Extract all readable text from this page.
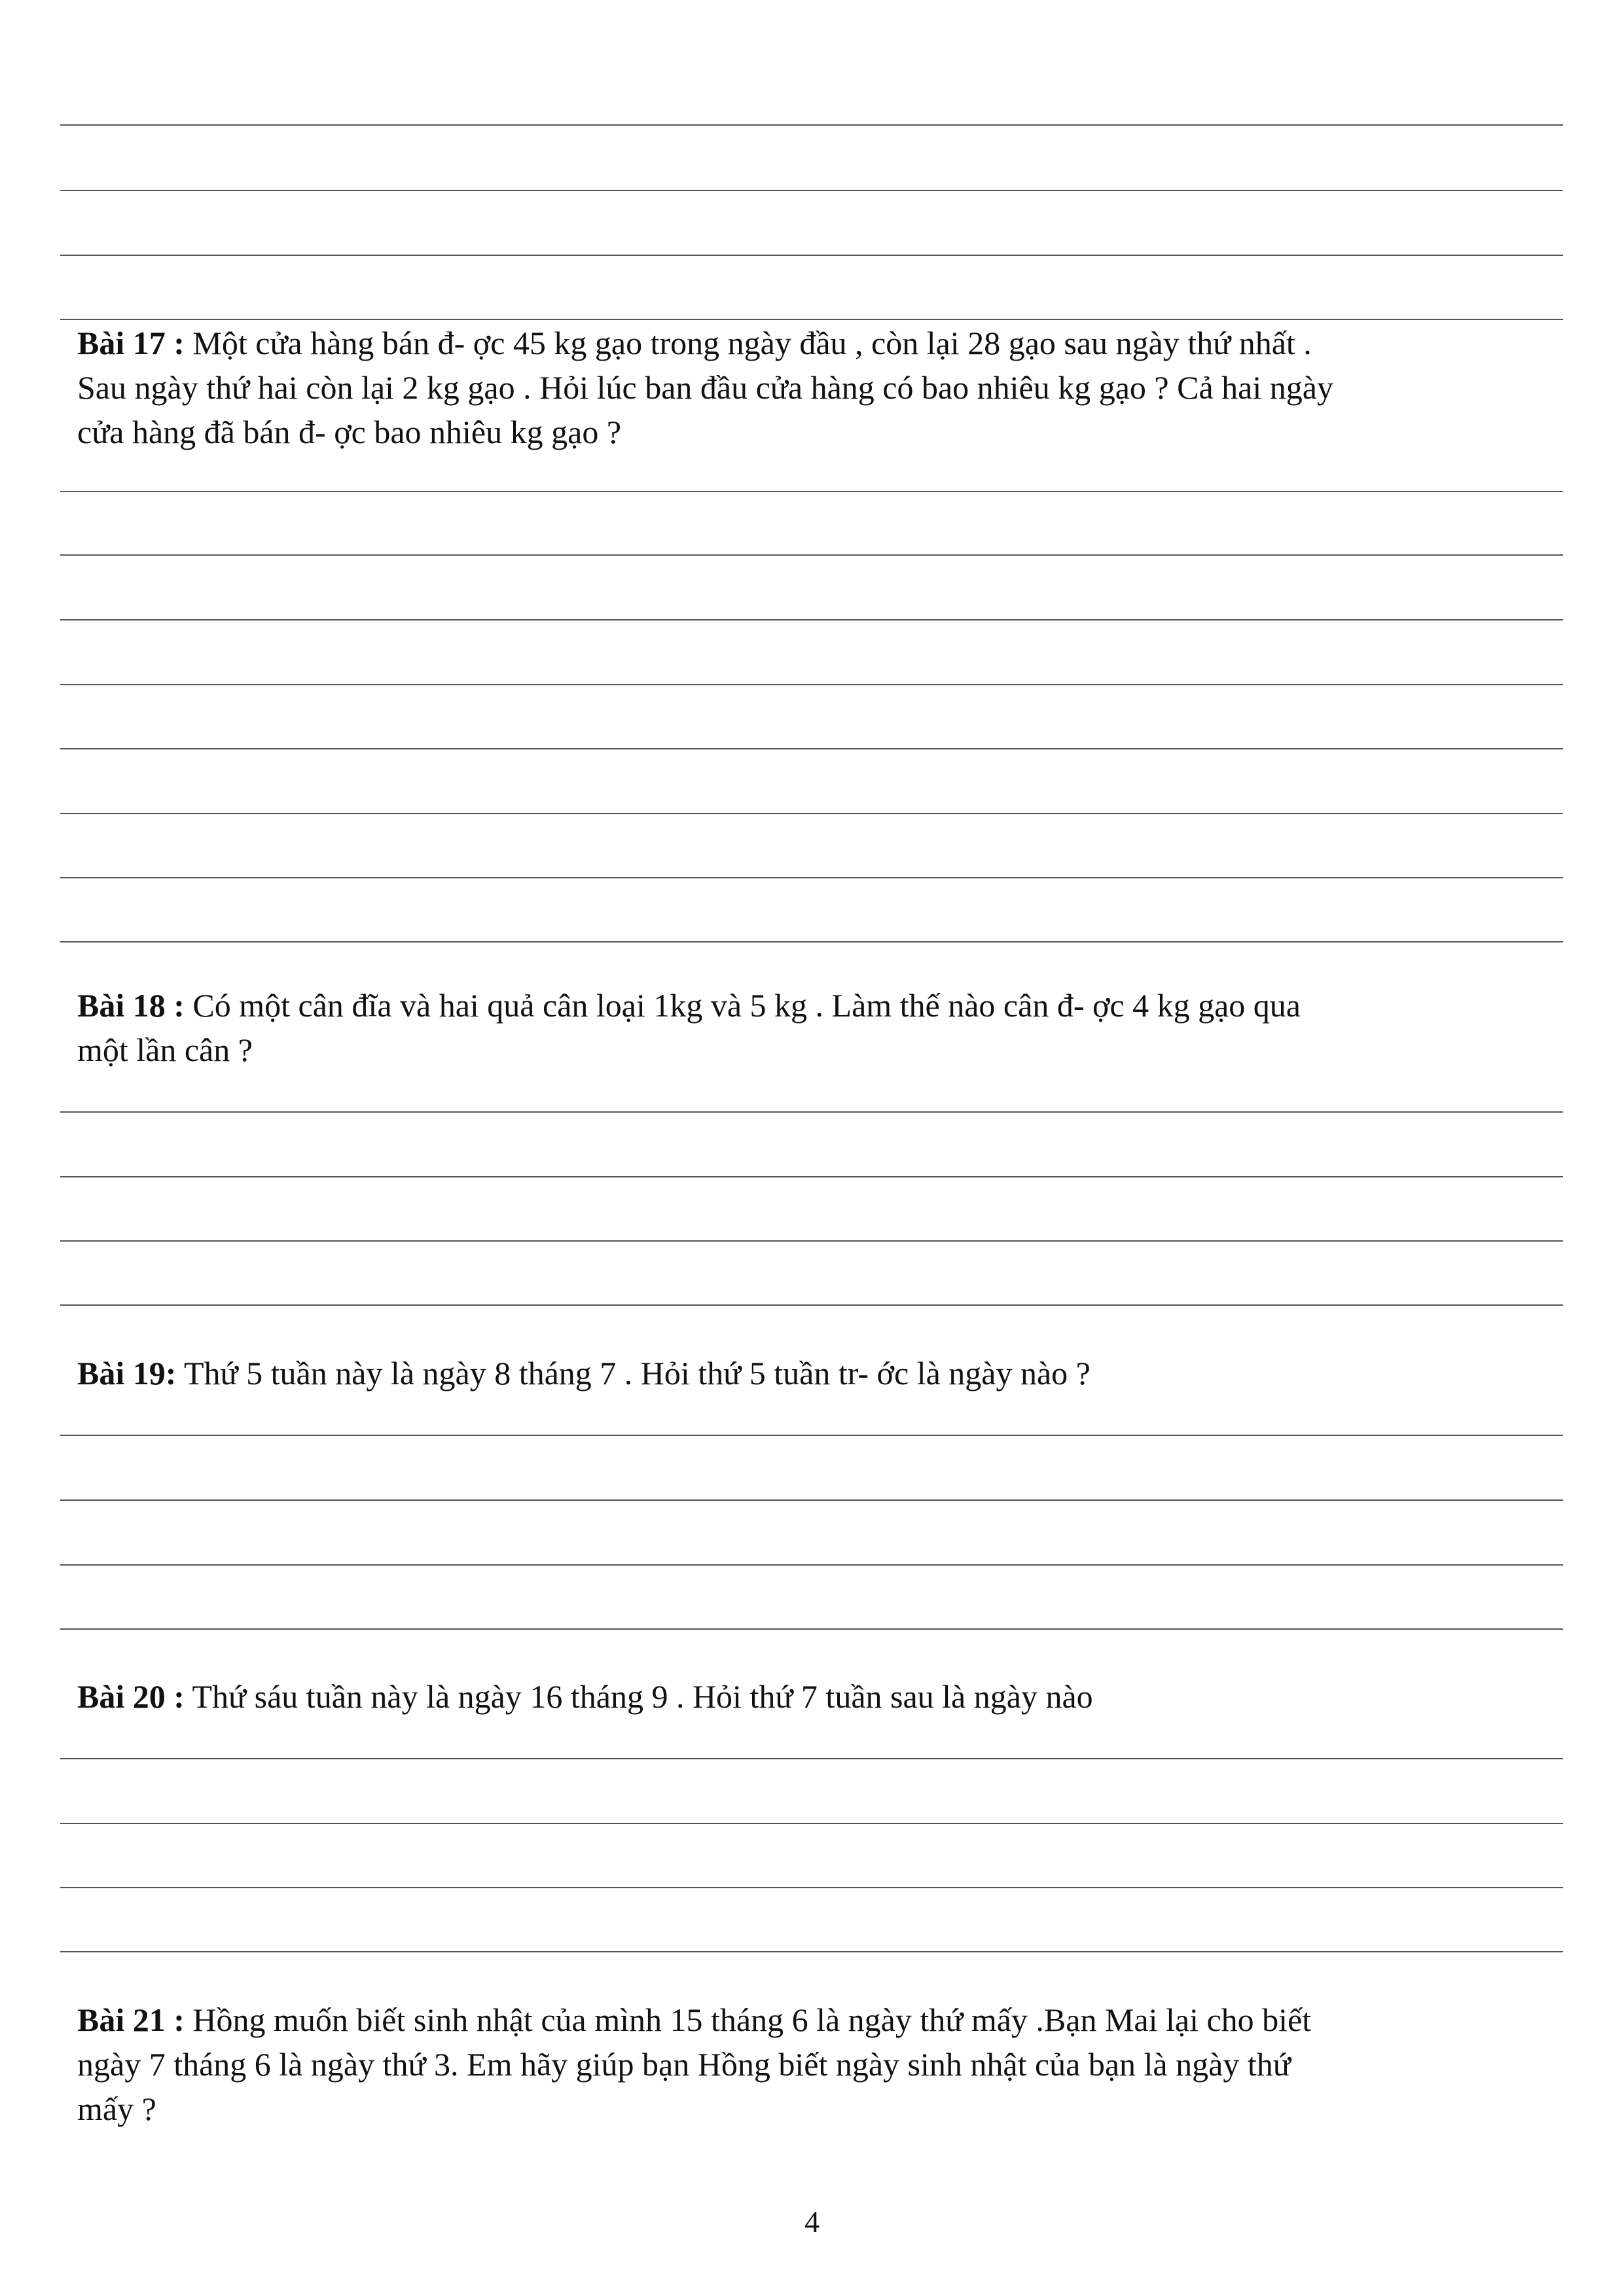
Bài 17 : Một cửa hàng bán đ- ợc 45 kg gạo trong ngày đầu , còn lại 28 gạo sau ngày thứ nhất .
Sau ngày thứ hai còn lại 2 kg gạo . Hỏi lúc ban đầu cửa hàng có bao nhiêu kg gạo ? Cả hai ngày
cửa hàng đã bán đ- ợc bao nhiêu kg gạo ?
Bài 18 : Có một cân đĩa và hai quả cân loại 1kg và 5 kg . Làm thế nào cân đ- ợc 4 kg gạo qua
một lần cân ?
Bài 19: Thứ 5 tuần này là ngày 8 tháng 7 . Hỏi thứ 5 tuần tr- ớc là ngày nào ?
Bài 20 : Thứ sáu tuần này là ngày 16 tháng 9 . Hỏi thứ 7 tuần sau là ngày nào
Bài 21 : Hồng muốn biết sinh nhật của mình 15 tháng 6 là ngày thứ mấy .Bạn Mai lại cho biết
ngày 7 tháng 6 là ngày thứ 3. Em hãy giúp bạn Hồng biết ngày sinh nhật của bạn là ngày thứ
mấy ?
4
